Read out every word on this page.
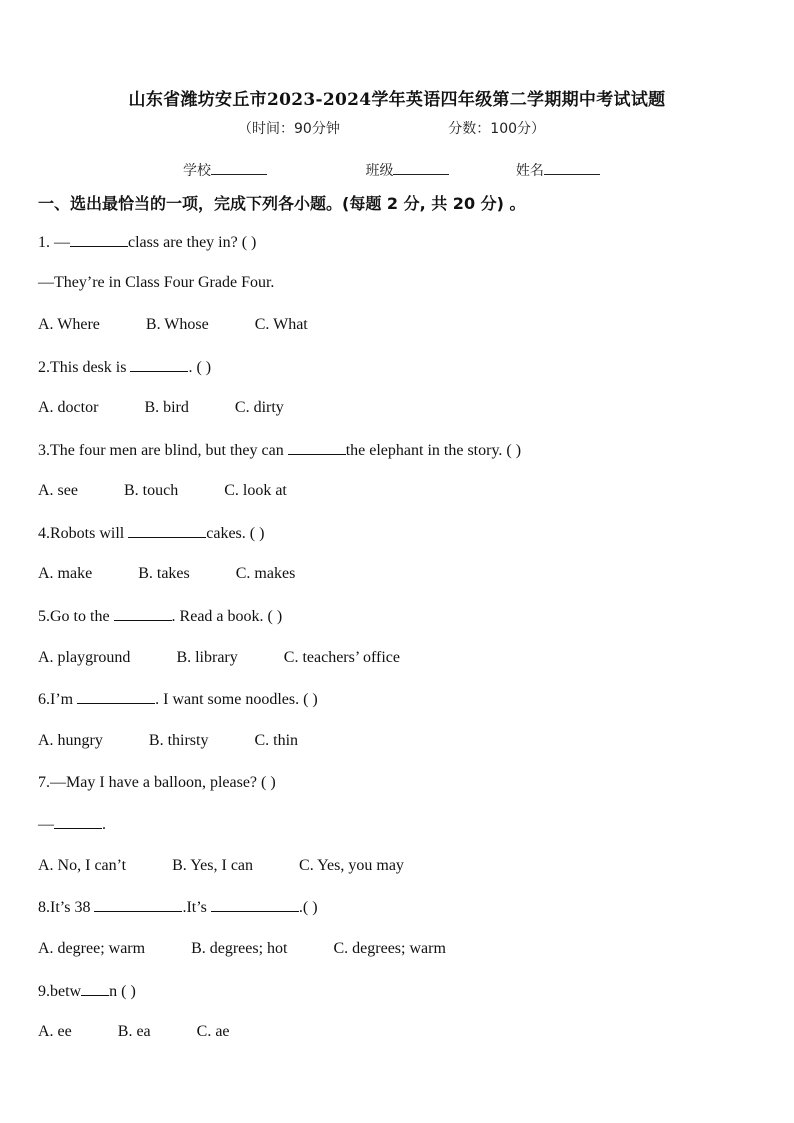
山东省潍坊安丘市2023-2024学年英语四年级第二学期期中考试试题
（时间：90分钟	分数：100分）
学校	班级	姓名
一、选出最恰当的一项，完成下列各小题。(每题 2 分, 共 20 分) 。
1. —	class are they in? ( )
—They’re in Class Four Grade Four.
A. Where	B. Whose	C. What
2.This desk is	. ( )
A. doctor	B. bird	C. dirty
3.The four men are blind, but they can	the elephant in the story. ( )
A. see	B. touch	C. look at
4.Robots will	cakes. ( )
A. make	B. takes	C. makes
5.Go to the	. Read a book. ( )
A. playground	B. library	C. teachers’ office
6.I’m	. I want some noodles. ( )
A. hungry	B. thirsty	C. thin
7.—May I have a balloon, please? ( )
—	.
A. No, I can’t	B. Yes, I can	C. Yes, you may
8.It’s 38	.It’s	.( )
A. degree; warm	B. degrees; hot	C. degrees; warm
9.betw n ( )
A. ee	B. ea	C. ae
